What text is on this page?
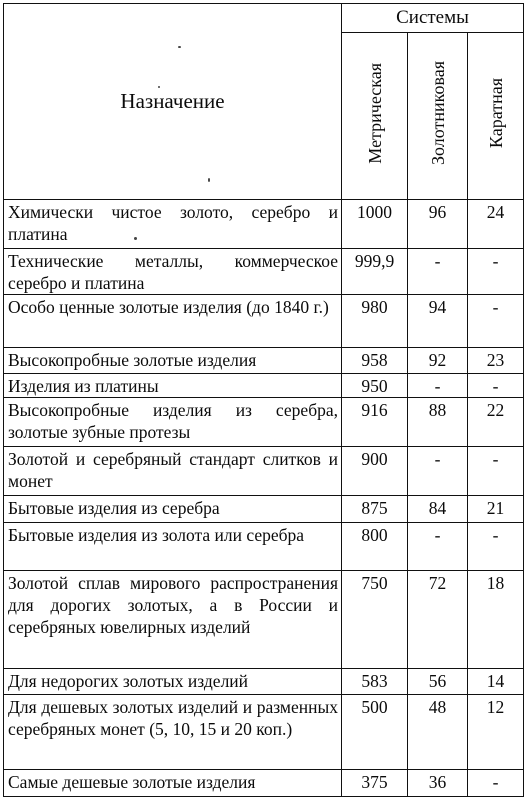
Назначение	Системы		
	Метрическая	Золотниковая	Каратная
Химически чистое золото, серебро и платина	1000	96	24
Технические металлы, коммерческое серебро и платина	999,9	-	-
Особо ценные золотые изделия (до 1840 г.)	980	94	-
Высокопробные золотые изделия	958	92	23
Изделия из платины	950	-	-
Высокопробные изделия из серебра, золотые зубные протезы	916	88	22
Золотой и серебряный стандарт слитков и монет	900	-	-
Бытовые изделия из серебра	875	84	21
Бытовые изделия из золота или серебра	800	-	-
Золотой сплав мирового распространения для дорогих золотых, а в России и серебряных ювелирных изделий	750	72	18
Для недорогих золотых изделий	583	56	14
Для дешевых золотых изделий и разменных серебряных монет (5, 10, 15 и 20 коп.)	500	48	12
Самые дешевые золотые изделия	375	36	-
